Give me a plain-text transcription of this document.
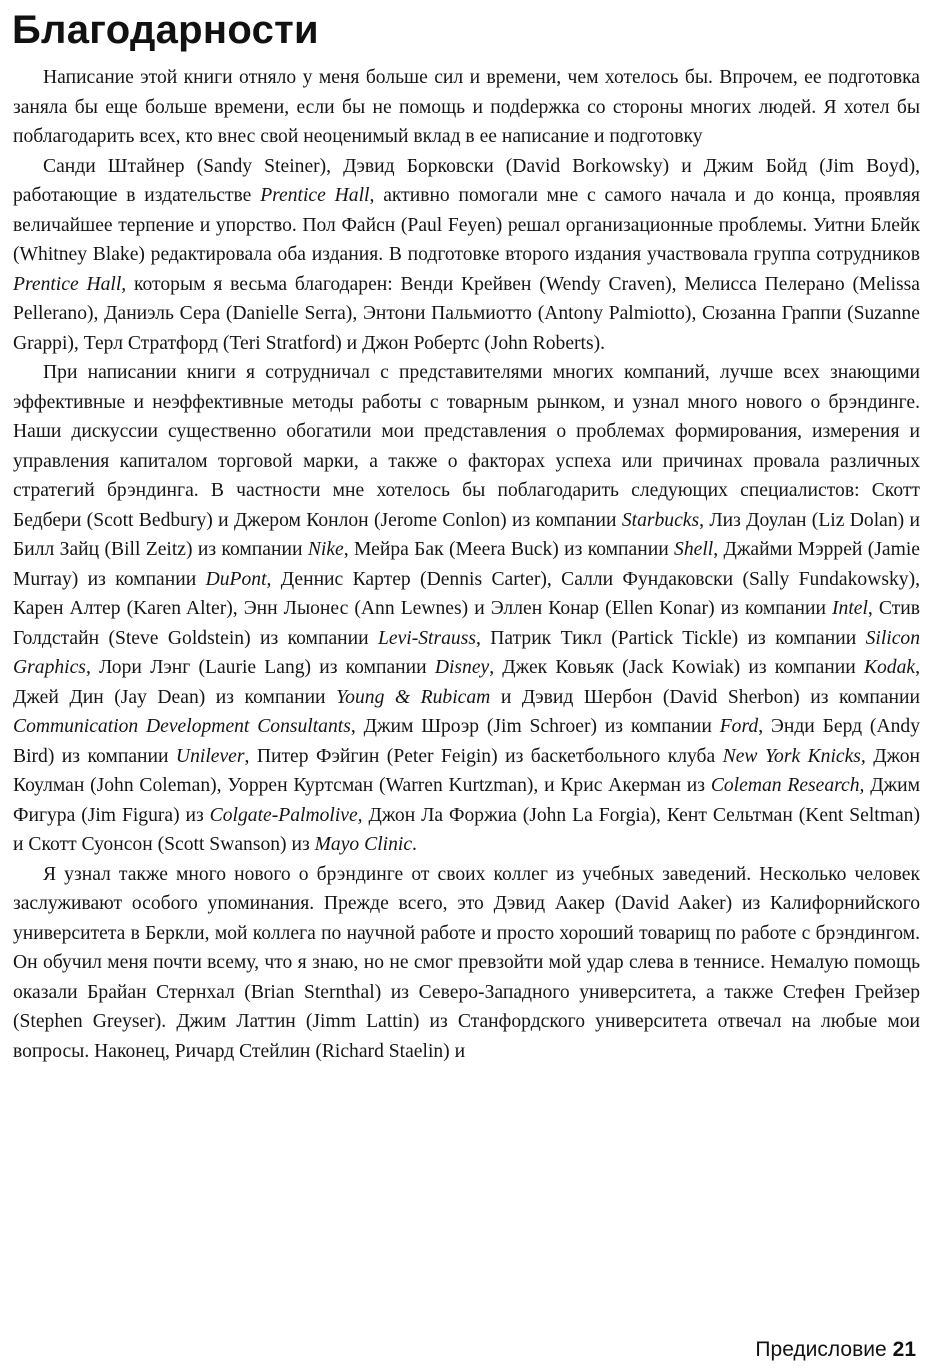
Благодарности

Написание этой книги отняло у меня больше сил и времени, чем хотелось бы. Впрочем, ее подготовка заняла бы еще больше времени, если бы не помощь и подdержка со стороны многих людей. Я хотел бы поблагодарить всех, кто внес свой неоценимый вклад в ее написание и подготовку

Санди Штайнер (Sandy Steiner), Дэвид Борковски (David Borkowsky) и Джим Бойд (Jim Boyd), работающие в издательстве Prentice Hall, активно помогали мне с самого начала и до конца, проявляя величайшее терпение и упорство. Пол Файсн (Paul Feyen) решал организационные проблемы. Уитни Блейк (Whitney Blake) редактировала оба издания. В подготовке второго издания участвовала группа сотрудников Prentice Hall, которым я весьма благодарен: Венди Крейвен (Wendy Craven), Мелисса Пелерано (Melissa Pellerano), Даниэль Сера (Danielle Serra), Энтони Пальмиотто (Antony Palmiotto), Сюзанна Граппи (Suzanne Grappi), Терл Стратфорд (Teri Stratford) и Джон Робертс (John Roberts).

При написании книги я сотрудничал с представителями многих компаний, лучше всех знающими эффективные и неэффективные методы работы с товарным рынком, и узнал много нового о брэндинге. Наши дискуссии существенно обогатили мои представления о проблемах формирования, измерения и управления капиталом торговой марки, а также о факторах успеха или причинах провала различных стратегий брэндинга. В частности мне хотелось бы поблагодарить следующих специалистов: Скотт Бедбери (Scott Bedbury) и Джером Конлон (Jerome Conlon) из компании Starbucks, Лиз Доулан (Liz Dolan) и Билл Зайц (Bill Zeitz) из компании Nike, Мейра Бак (Meera Buck) из компании Shell, Джайми Мэррей (Jamie Murray) из компании DuPont, Деннис Картер (Dennis Carter), Салли Фундаковски (Sally Fundakowsky), Карен Алтер (Karen Alter), Энн Лыонес (Ann Lewnes) и Эллен Конар (Ellen Konar) из компании Intel, Стив Голдстайн (Steve Goldstein) из компании Levi-Strauss, Патрик Тикл (Partick Tickle) из компании Silicon Graphics, Лори Лэнг (Laurie Lang) из компании Disney, Джек Ковьяк (Jack Kowiak) из компании Kodak, Джей Дин (Jay Dean) из компании Young & Rubicam и Дэвид Шербон (David Sherbon) из компании Communication Development Consultants, Джим Шроэр (Jim Schroer) из компании Ford, Энди Берд (Andy Bird) из компании Unilever, Питер Фэйгин (Peter Feigin) из баскетбольного клуба New York Knicks, Джон Коулман (John Coleman), Уоррен Куртсман (Warren Kurtzman), и Крис Акерман из Coleman Research, Джим Фигура (Jim Figura) из Colgate-Palmolive, Джон Ла Форжиа (John La Forgia), Кент Сельтман (Kent Seltman) и Скотт Суонсон (Scott Swanson) из Mayo Clinic.

Я узнал также много нового о брэндинге от своих коллег из учебных заведений. Несколько человек заслуживают особого упоминания. Прежде всего, это Дэвид Аакер (David Aaker) из Калифорнийского университета в Беркли, мой коллега по научной работе и просто хороший товарищ по работе с брэндингом. Он обучил меня почти всему, что я знаю, но не смог превзойти мой удар слева в теннисе. Немалую помощь оказали Брайан Стернхал (Brian Sternthal) из Северо-Западного университета, а также Стефен Грейзер (Stephen Greyser). Джим Латтин (Jimm Lattin) из Станфордского университета отвечал на любые мои вопросы. Наконец, Ричард Стейлин (Richard Staelin) и

Предисловие 21
